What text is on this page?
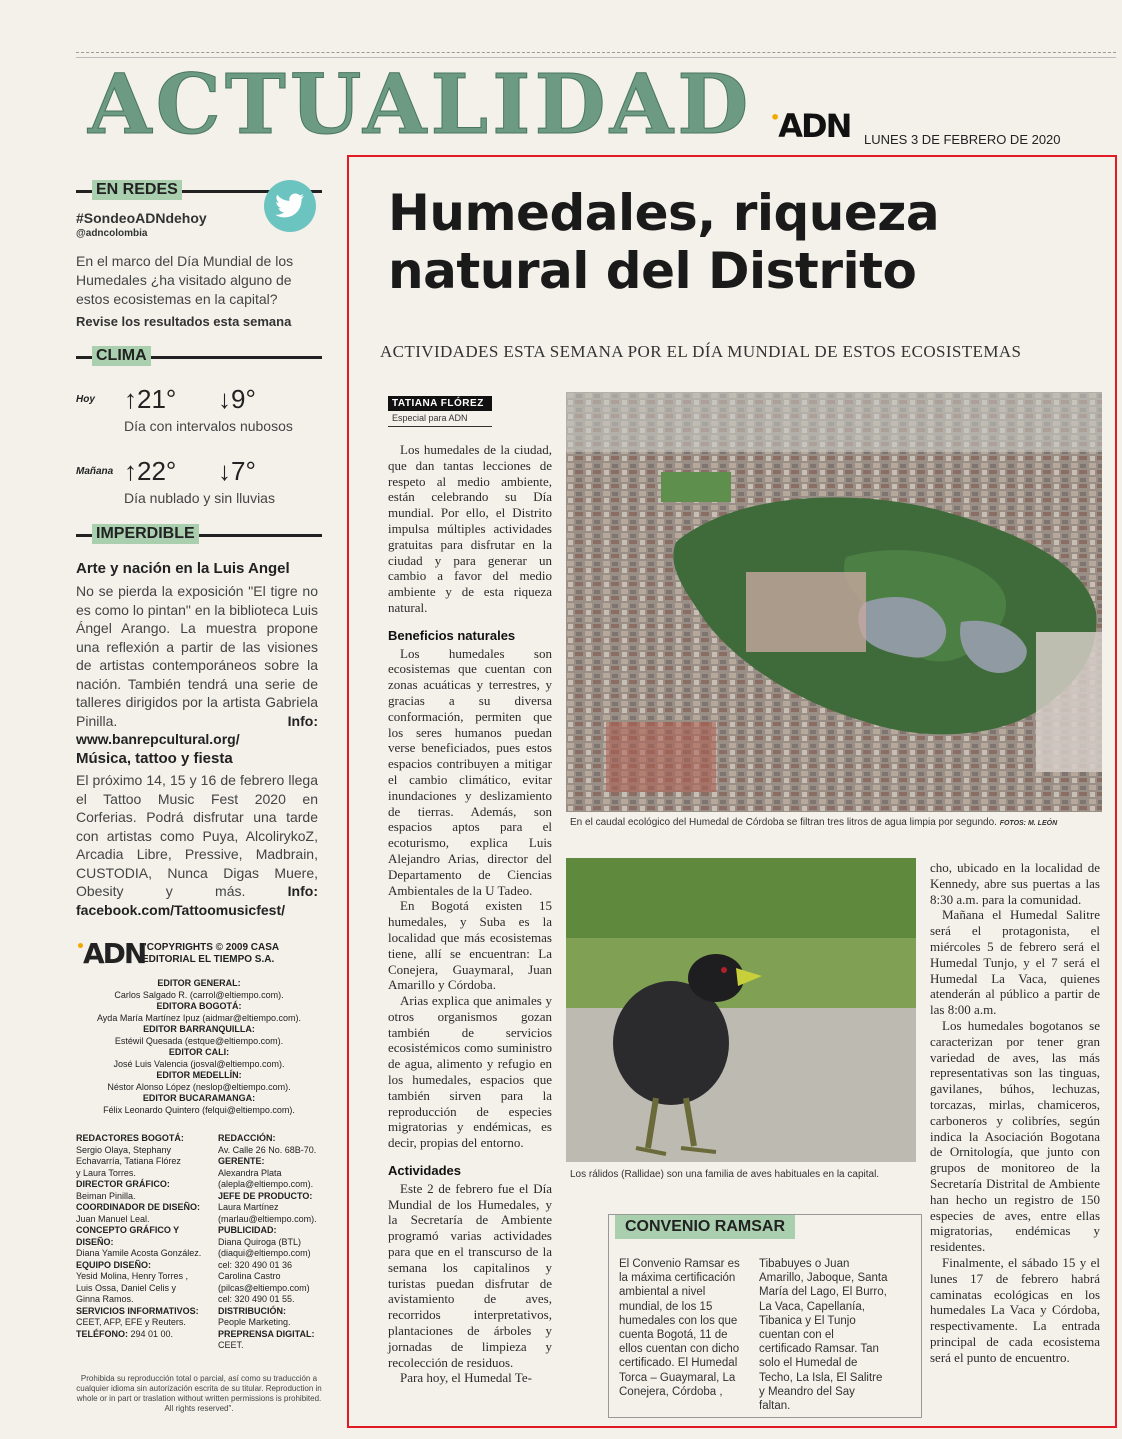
ACTUALIDAD •ADN LUNES 3 DE FEBRERO DE 2020
EN REDES
#SondeoADNdehoy
@adncolombia
En el marco del Día Mundial de los Humedales ¿ha visitado alguno de estos ecosistemas en la capital?
Revise los resultados esta semana
CLIMA
Hoy ↑21° ↓9°
Día con intervalos nubosos
Mañana ↑22° ↓7°
Día nublado y sin lluvias
IMPERDIBLE
Arte y nación en la Luis Angel
No se pierda la exposición "El tigre no es como lo pintan" en la biblioteca Luis Ángel Arango. La muestra propone una reflexión a partir de las visiones de artistas contemporáneos sobre la nación. También tendrá una serie de talleres dirigidos por la artista Gabriela Pinilla.	Info: www.banrepcultural.org/
Música, tattoo y fiesta
El próximo 14, 15 y 16 de febrero llega el Tattoo Music Fest 2020 en Corferias. Podrá disfrutar una tarde con artistas como Puya, AlcolirykoZ, Arcadia Libre, Pressive, Madbrain, CUSTODIA, Nunca Digas Muere, Obesity y más.	Info: facebook.com/Tattoomusicfest/
•ADN
"COPYRIGHTS © 2009 CASA EDITORIAL EL TIEMPO S.A.
EDITOR GENERAL:
Carlos Salgado R. (carrol@eltiempo.com).
EDITORA BOGOTÁ:
Ayda María Martínez Ipuz (aidmar@eltiempo.com).
EDITOR BARRANQUILLA:
Estéwil Quesada (estque@eltiempo.com).
EDITOR CALI:
José Luis Valencia (josval@eltiempo.com).
EDITOR MEDELLÍN:
Néstor Alonso López (neslop@eltiempo.com).
EDITOR BUCARAMANGA:
Félix Leonardo Quintero (felqui@eltiempo.com).
REDACTORES BOGOTÁ:
Sergio Olaya, Stephany
Echavarría, Tatiana Flórez
y Laura Torres.
DIRECTOR GRÁFICO:
Beiman Pinilla.
COORDINADOR DE DISEÑO:
Juan Manuel Leal.
CONCEPTO GRÁFICO Y DISEÑO:
Diana Yamile Acosta González.
EQUIPO DISEÑO:
Yesid Molina, Henry Torres ,
Luis Ossa, Daniel Celis y
Ginna Ramos.
SERVICIOS INFORMATIVOS:
CEET, AFP, EFE y Reuters.
TELÉFONO: 294 01 00.
REDACCIÓN:
Av. Calle 26 No. 68B-70.
GERENTE:
Alexandra Plata
(alepla@eltiempo.com).
JEFE DE PRODUCTO:
Laura Martínez
(marlau@eltiempo.com).
PUBLICIDAD:
Diana Quiroga (BTL)
(diaqui@eltiempo.com)
cel: 320 490 01 36
Carolina Castro
(pilcas@eltiempo.com)
cel: 320 490 01 55.
DISTRIBUCIÓN:
People Marketing.
PREPRENSA DIGITAL:
CEET.
Prohibida su reproducción total o parcial, así como su traducción a cualquier idioma sin autorización escrita de su titular. Reproduction in whole or in part or traslation without written permissions is prohibited. All rights reserved".
Humedales, riqueza
natural del Distrito
ACTIVIDADES ESTA SEMANA POR EL DÍA MUNDIAL DE ESTOS ECOSISTEMAS
TATIANA FLÓREZ
Especial para ADN

Los humedales de la ciudad, que dan tantas lecciones de respeto al medio ambiente, están celebrando su Día mundial. Por ello, el Distrito impulsa múltiples actividades gratuitas para disfrutar en la ciudad y para generar un cambio a favor del medio ambiente y de esta riqueza natural.

Beneficios naturales

Los humedales son ecosistemas que cuentan con zonas acuáticas y terrestres, y gracias a su diversa conformación, permiten que los seres humanos puedan verse beneficiados, pues estos espacios contribuyen a mitigar el cambio climático, evitar inundaciones y deslizamiento de tierras. Además, son espacios aptos para el ecoturismo, explica Luis Alejandro Arias, director del Departamento de Ciencias Ambientales de la U Tadeo.

En Bogotá existen 15 humedales, y Suba es la localidad que más ecosistemas tiene, allí se encuentran: La Conejera, Guaymaral, Juan Amarillo y Córdoba.

Arias explica que animales y otros organismos gozan también de servicios ecosistémicos como suministro de agua, alimento y refugio en los humedales, espacios que también sirven para la reproducción de especies migratorias y endémicas, es decir, propias del entorno.

Actividades

Este 2 de febrero fue el Día Mundial de los Humedales, y la Secretaría de Ambiente programó varias actividades para que en el transcurso de la semana los capitalinos y turistas puedan disfrutar de avistamiento de aves, recorridos interpretativos, plantaciones de árboles y jornadas de limpieza y recolección de residuos.

Para hoy, el Humedal Te-

En el caudal ecológico del Humedal de Córdoba se filtran tres litros de agua limpia por segundo. FOTOS: M. LEÓN
Los rálidos (Rallidae) son una familia de aves habituales en la capital.

cho, ubicado en la localidad de Kennedy, abre sus puertas a las 8:30 a.m. para la comunidad.

Mañana el Humedal Salitre será el protagonista, el miércoles 5 de febrero será el Humedal Tunjo, y el 7 será el Humedal La Vaca, quienes atenderán al público a partir de las 8:00 a.m.

Los humedales bogotanos se caracterizan por tener gran variedad de aves, las más representativas son las tinguas, gavilanes, búhos, lechuzas, torcazas, mirlas, chamiceros, carboneros y colibríes, según indica la Asociación Bogotana de Ornitología, que junto con grupos de monitoreo de la Secretaría Distrital de Ambiente han hecho un registro de 150 especies de aves, entre ellas migratorias, endémicas y residentes.

Finalmente, el sábado 15 y el lunes 17 de febrero habrá caminatas ecológicas en los humedales La Vaca y Córdoba, respectivamente. La entrada principal de cada ecosistema será el punto de encuentro.

CONVENIO RAMSAR
El Convenio Ramsar es la máxima certificación ambiental a nivel mundial, de los 15 humedales con los que cuenta Bogotá, 11 de ellos cuentan con dicho certificado. El Humedal Torca – Guaymaral, La Conejera, Córdoba ,
Tibabuyes o Juan Amarillo, Jaboque, Santa María del Lago, El Burro, La Vaca, Capellanía, Tibanica y El Tunjo cuentan con el certificado Ramsar. Tan solo el Humedal de Techo, La Isla, El Salitre y Meandro del Say faltan.
